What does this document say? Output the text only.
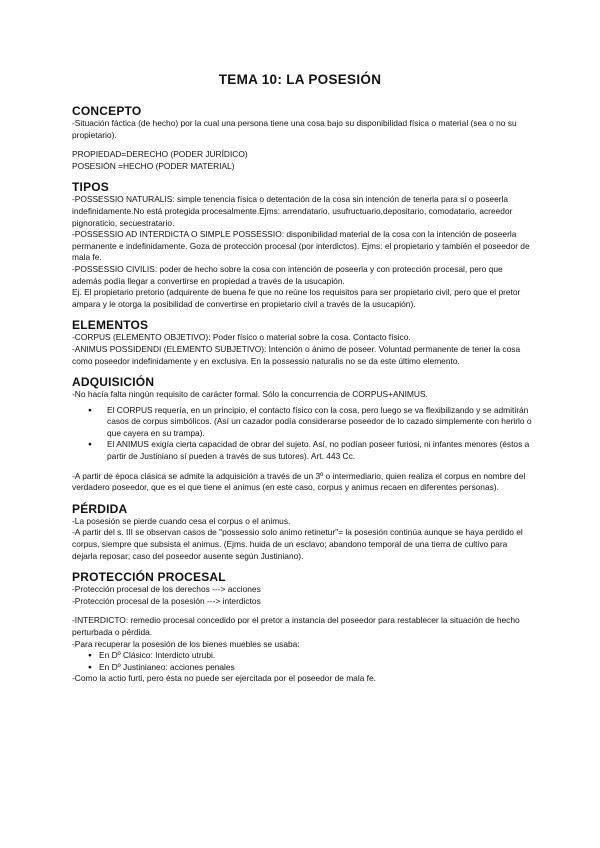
TEMA 10: LA POSESIÓN
CONCEPTO

-Situación fáctica (de hecho) por la cual una persona tiene una cosa bajo su disponibilidad física o material (sea o no su propietario).

PROPIEDAD=DERECHO (PODER JURÍDICO)

POSESIÓN =HECHO (PODER MATERIAL)

TIPOS

-POSSESSIO NATURALIS: simple tenencia física o detentación de la cosa sin intención de tenerla para sí o poseerla indefinidamente.No está protegida procesalmente.Ejms: arrendatario, usufructuario,depositario, comodatario, acreedor pignoraticio, secuestratario.

-POSSESSIO AD INTERDICTA O SIMPLE POSSESSIO: disponibilidad material de la cosa con la intención de poseerla permanente e indefinidamente. Goza de protección procesal (por interdictos). Ejms: el propietario y también el poseedor de mala fe.

-POSSESSIO CIVILIS: poder de hecho sobre la cosa con intención de poseerla y con protección procesal, pero que además podía llegar a convertirse en propiedad a través de la usucapión.

Ej. El propietario pretorio (adquirente de buena fe que no reúne los requisitos para ser propietario civil, pero que el pretor ampara y le otorga la posibilidad de convertirse en propietario civil a través de la usucapión).

ELEMENTOS

-CORPUS (ELEMENTO OBJETIVO): Poder físico o material sobre la cosa. Contacto físico.

-ANIMUS POSSIDENDI (ELEMENTO SUBJETIVO): Intención o ánimo de poseer. Voluntad permanente de tener la cosa como poseedor indefinidamente y en exclusiva. En la possessio naturalis no se da este último elemento.

ADQUISICIÓN

-No hacía falta ningún requisito de carácter formal. Sólo la concurrencia de CORPUS+ANIMUS.

● El CORPUS requería, en un principio, el contacto físico con la cosa, pero luego se va flexibilizando y se admitirán casos de corpus simbólicos. (Así un cazador podía considerarse poseedor de lo cazado simplemente con herirlo o que cayera en su trampa).
● El ANIMUS exigía cierta capacidad de obrar del sujeto. Así, no podían poseer furiosi, ni infantes menores (éstos a partir de Justiniano sí pueden a través de sus tutores). Art. 443 Cc.

-A partir de época clásica se admite la adquisición a través de un 3º o intermediario, quien realiza el corpus en nombre del verdadero poseedor, que es el que tiene el animus (en este caso, corpus y animus recaen en diferentes personas).

PÉRDIDA

-La posesión se pierde cuando cesa el corpus o el animus.

-A partir del s. III se observan casos de "possessio solo animo retinetur"= la posesión continúa aunque se haya perdido el corpus, siempre que subsista el animus. (Ejms. huida de un esclavo; abandono temporal de una tierra de cultivo para dejarla reposar; caso del poseedor ausente según Justiniano).

PROTECCIÓN PROCESAL

-Protección procesal de los derechos ---> acciones

-Protección procesal de la posesión ---> interdictos

-INTERDICTO: remedio procesal concedido por el pretor a instancia del poseedor para restablecer la situación de hecho perturbada o pérdida.

-Para recuperar la posesión de los bienes muebles se usaba:

● En Dº Clásico: Interdicto utrubi.
● En Dº Justinianeo: acciones penales

-Como la actio furti, pero ésta no puede ser ejercitada por el poseedor de mala fe.
